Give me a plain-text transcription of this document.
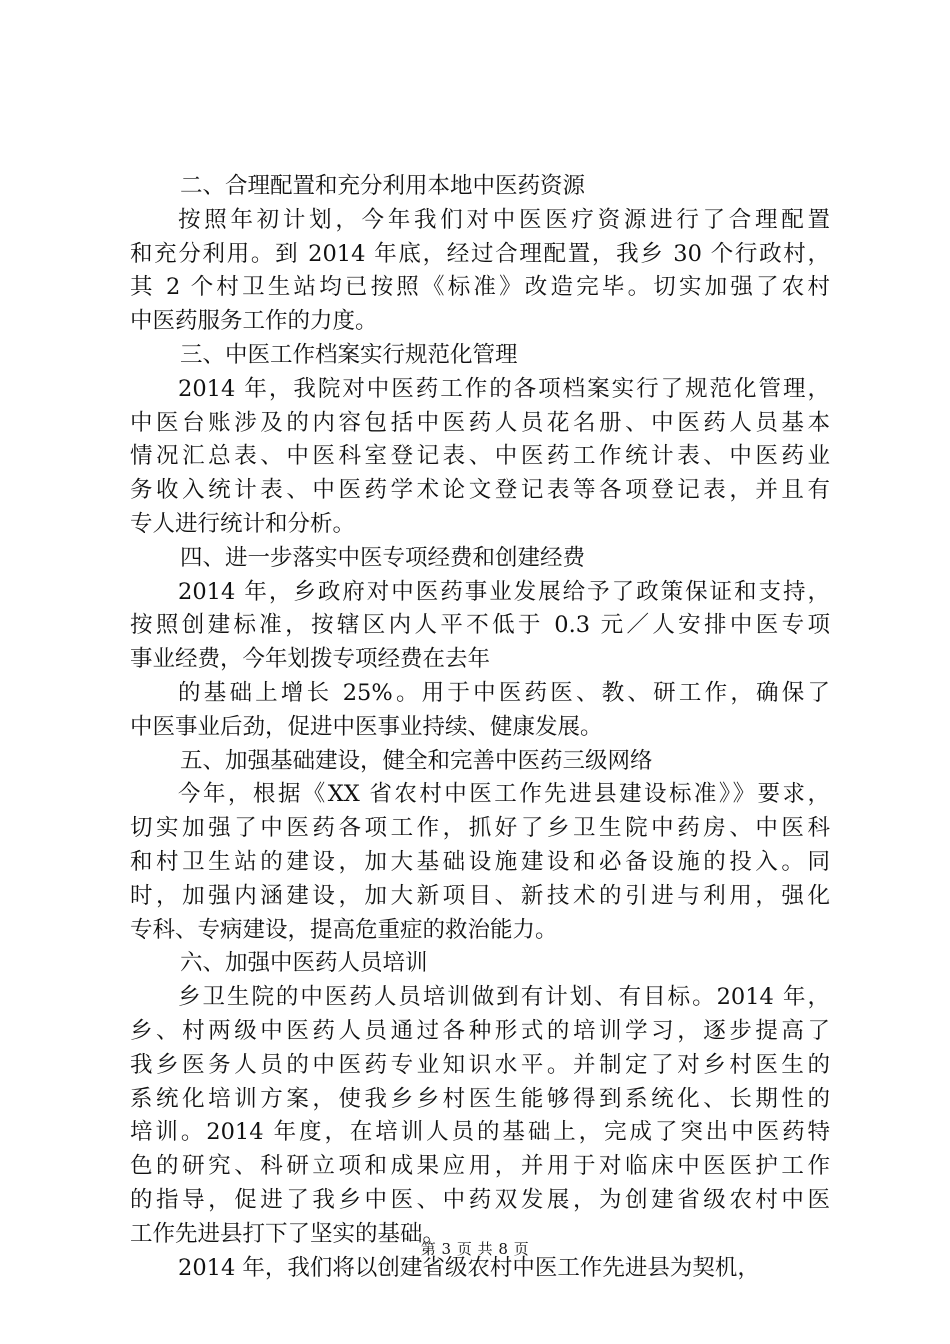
二、合理配置和充分利用本地中医药资源
按照年初计划，今年我们对中医医疗资源进行了合理配置
和充分利用。到 2014 年底，经过合理配置，我乡 30 个行政村，
其 2 个村卫生站均已按照《标准》改造完毕。切实加强了农村
中医药服务工作的力度。
三、中医工作档案实行规范化管理
2014 年，我院对中医药工作的各项档案实行了规范化管理，
中医台账涉及的内容包括中医药人员花名册、中医药人员基本
情况汇总表、中医科室登记表、中医药工作统计表、中医药业
务收入统计表、中医药学术论文登记表等各项登记表，并且有
专人进行统计和分析。
四、进一步落实中医专项经费和创建经费
2014 年，乡政府对中医药事业发展给予了政策保证和支持，
按照创建标准，按辖区内人平不低于 0.3 元／人安排中医专项
事业经费，今年划拨专项经费在去年
的基础上增长 25%。用于中医药医、教、研工作，确保了
中医事业后劲，促进中医事业持续、健康发展。
五、加强基础建设，健全和完善中医药三级网络
今年，根据《XX 省农村中医工作先进县建设标准》》要求，
切实加强了中医药各项工作，抓好了乡卫生院中药房、中医科
和村卫生站的建设，加大基础设施建设和必备设施的投入。同
时，加强内涵建设，加大新项目、新技术的引进与利用，强化
专科、专病建设，提高危重症的救治能力。
六、加强中医药人员培训
乡卫生院的中医药人员培训做到有计划、有目标。2014 年，
乡、村两级中医药人员通过各种形式的培训学习，逐步提高了
我乡医务人员的中医药专业知识水平。并制定了对乡村医生的
系统化培训方案，使我乡乡村医生能够得到系统化、长期性的
培训。2014 年度，在培训人员的基础上，完成了突出中医药特
色的研究、科研立项和成果应用，并用于对临床中医医护工作
的指导，促进了我乡中医、中药双发展，为创建省级农村中医
工作先进县打下了坚实的基础。
2014 年，我们将以创建省级农村中医工作先进县为契机，
第 3 页 共 8 页
